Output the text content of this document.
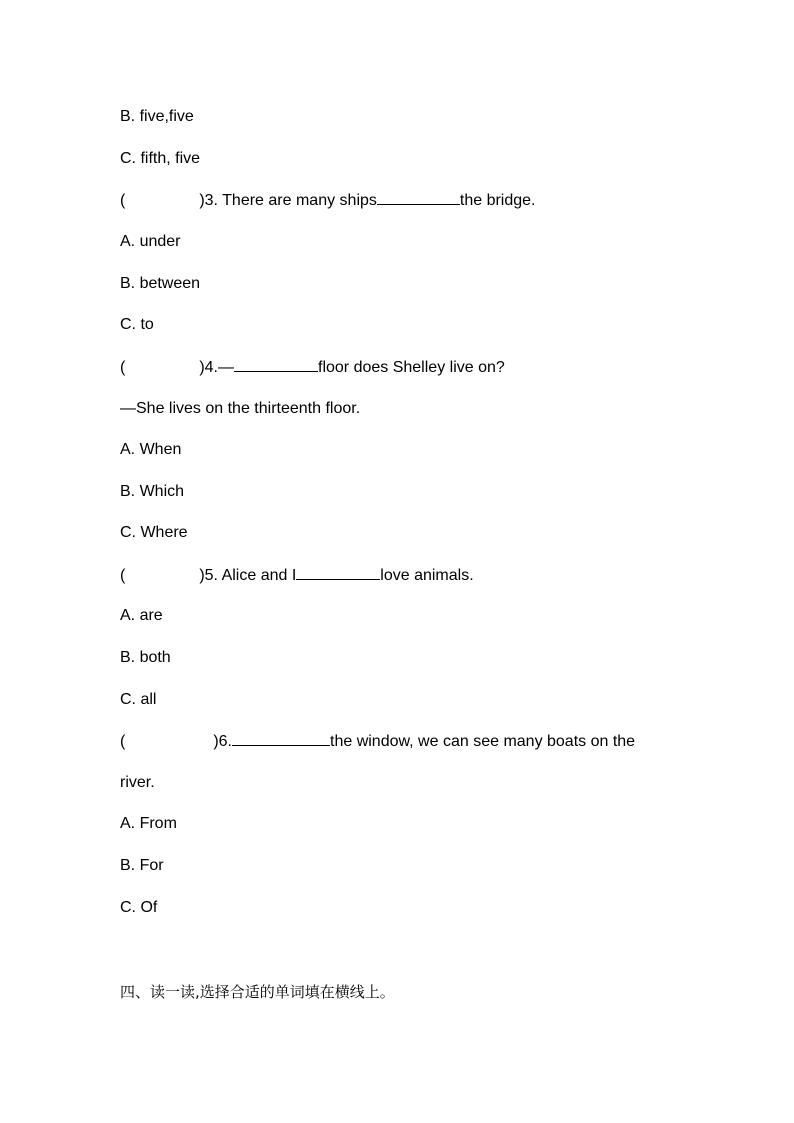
B. five,five
C. fifth, five
(	)3. There are many ships	the bridge.
A. under
B. between
C. to
(	)4.—	floor does Shelley live on?
—She lives on the thirteenth floor.
A. When
B. Which
C. Where
(	)5. Alice and I	love animals.
A. are
B. both
C. all
(	)6.	the window, we can see many boats on the
river.
A. From
B. For
C. Of
四、读一读,选择合适的单词填在横线上。
